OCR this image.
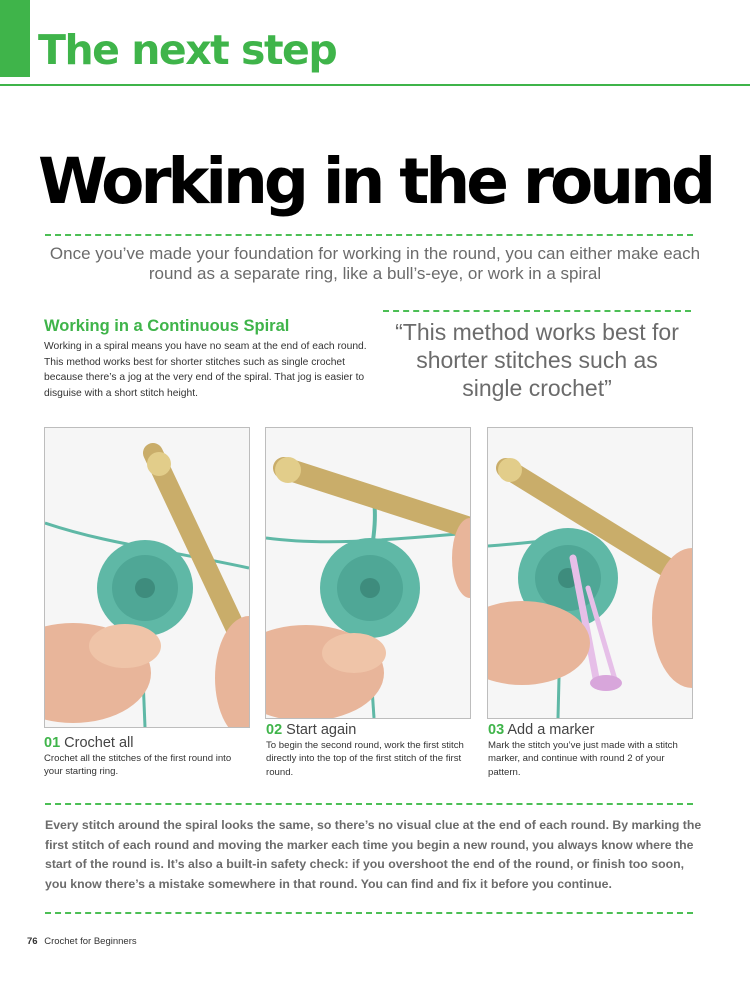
The next step
Working in the round
Once you’ve made your foundation for working in the round, you can either make each round as a separate ring, like a bull’s-eye, or work in a spiral
Working in a Continuous Spiral
Working in a spiral means you have no seam at the end of each round. This method works best for shorter stitches such as single crochet because there’s a jog at the very end of the spiral. That jog is easier to disguise with a short stitch height.
“This method works best for shorter stitches such as single crochet”
01 Crochet all
Crochet all the stitches of the first round into your starting ring.
02 Start again
To begin the second round, work the first stitch directly into the top of the first stitch of the first round.
03 Add a marker
Mark the stitch you’ve just made with a stitch marker, and continue with round 2 of your pattern.
Every stitch around the spiral looks the same, so there’s no visual clue at the end of each round. By marking the first stitch of each round and moving the marker each time you begin a new round, you always know where the start of the round is. It’s also a built-in safety check: if you overshoot the end of the round, or finish too soon, you know there’s a mistake somewhere in that round. You can find and fix it before you continue.
76 Crochet for Beginners
